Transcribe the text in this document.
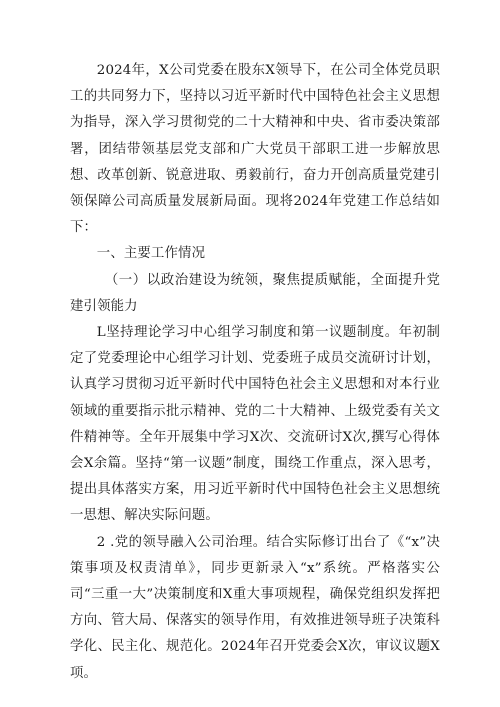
2024年，X公司党委在股东X领导下，在公司全体党员职工的共同努力下，坚持以习近平新时代中国特色社会主义思想为指导，深入学习贯彻党的二十大精神和中央、省市委决策部署，团结带领基层党支部和广大党员干部职工进一步解放思想、改革创新、锐意进取、勇毅前行，奋力开创高质量党建引领保障公司高质量发展新局面。现将2024年党建工作总结如下：

一、主要工作情况

（一）以政治建设为统领，聚焦提质赋能，全面提升党建引领能力

L坚持理论学习中心组学习制度和第一议题制度。年初制定了党委理论中心组学习计划、党委班子成员交流研讨计划，认真学习贯彻习近平新时代中国特色社会主义思想和对本行业领域的重要指示批示精神、党的二十大精神、上级党委有关文件精神等。全年开展集中学习X次、交流研讨X次,撰写心得体会X余篇。坚持“第一议题”制度，围绕工作重点，深入思考，提出具体落实方案，用习近平新时代中国特色社会主义思想统一思想、解决实际问题。

2 .党的领导融入公司治理。结合实际修订出台了《“x”决策事项及权责清单》，同步更新录入“x”系统。严格落实公司“三重一大”决策制度和X重大事项规程，确保党组织发挥把方向、管大局、保落实的领导作用，有效推进领导班子决策科学化、民主化、规范化。2024年召开党委会X次，审议议题X项。
